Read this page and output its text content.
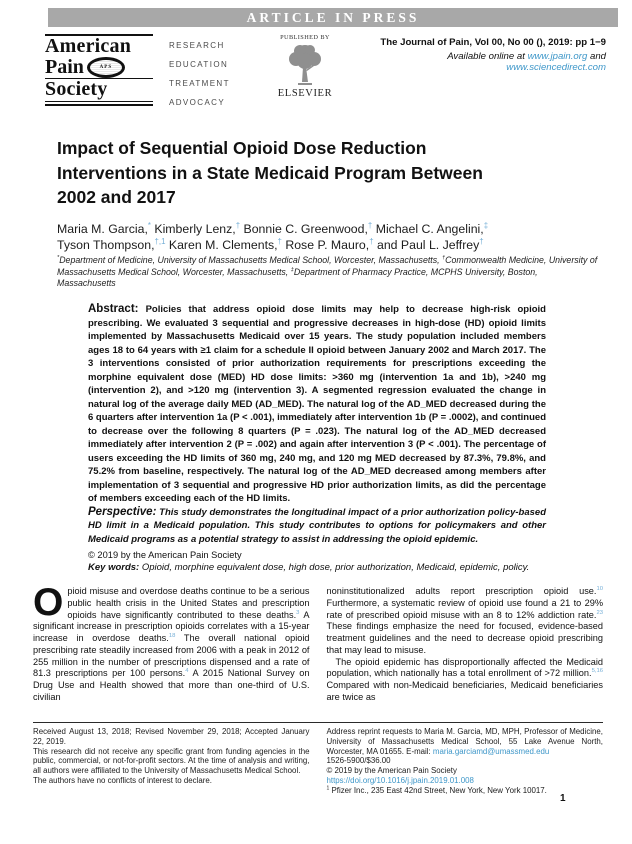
ARTICLE IN PRESS
American
Pain	APS
Society
RESEARCH
EDUCATION
TREATMENT
ADVOCACY
PUBLISHED BY
ELSEVIER
The Journal of Pain, Vol 00, No 00 (), 2019: pp 1−9
Available online at www.jpain.org and www.sciencedirect.com
Impact of Sequential Opioid Dose Reduction
Interventions in a State Medicaid Program Between
2002 and 2017
Maria M. Garcia,* Kimberly Lenz,† Bonnie C. Greenwood,† Michael C. Angelini,‡
Tyson Thompson,$^{\dagger,1}$ Karen M. Clements,† Rose P. Mauro,† and Paul L. Jeffrey†
*Department of Medicine, University of Massachusetts Medical School, Worcester, Massachusetts, †Commonwealth Medicine, University of Massachusetts Medical School, Worcester, Massachusetts, ‡Department of Pharmacy Practice, MCPHS University, Boston, Massachusetts

Abstract: Policies that address opioid dose limits may help to decrease high-risk opioid prescribing. We evaluated 3 sequential and progressive decreases in high-dose (HD) opioid limits implemented by Massachusetts Medicaid over 15 years. The study population included members ages 18 to 64 years with ≥1 claim for a schedule II opioid between January 2002 and March 2017. The 3 interventions consisted of prior authorization requirements for prescriptions exceeding the morphine equivalent dose (MED) HD dose limits: >360 mg (intervention 1a and 1b), >240 mg (intervention 2), and >120 mg (intervention 3). A segmented regression evaluated the change in natural log of the average daily MED (AD_MED). The natural log of the AD_MED decreased during the 6 quarters after intervention 1a (P < .001), immediately after intervention 1b (P = .0002), and continued to decrease over the following 8 quarters (P = .023). The natural log of the AD_MED decreased immediately after intervention 2 (P = .002) and again after intervention 3 (P < .001). The percentage of users exceeding the HD limits of 360 mg, 240 mg, and 120 mg MED decreased by 87.3%, 79.8%, and 75.2% from baseline, respectively. The natural log of the AD_MED decreased among members after implementation of 3 sequential and progressive HD prior authorization limits, as did the percentage of members exceeding each of the HD limits.

Perspective: This study demonstrates the longitudinal impact of a prior authorization policy-based HD limit in a Medicaid population. This study contributes to options for policymakers and other Medicaid programs as a potential strategy to assist in addressing the opioid epidemic.

© 2019 by the American Pain Society

Key words: Opioid, morphine equivalent dose, high dose, prior authorization, Medicaid, epidemic, policy.

Opioid misuse and overdose deaths continue to be a serious public health crisis in the United States and prescription opioids have significantly contributed to these deaths.$^3$ A significant increase in prescription opioids correlates with a 15-year increase in overdose deaths.$^{18}$ The overall national opioid prescribing rate steadily increased from 2006 with a peak in 2012 of 255 million in the number of prescriptions dispensed and a rate of 81.3 prescriptions per 100 persons.$^4$ A 2015 National Survey on Drug Use and Health showed that more than one-third of U.S. civilian

noninstitutionalized adults report prescription opioid use.$^{10}$ Furthermore, a systematic review of opioid use found a 21 to 29% rate of prescribed opioid misuse with an 8 to 12% addiction rate.$^{23}$ These findings emphasize the need for focused, evidence-based treatment guidelines and the need to decrease opioid prescribing that may lead to misuse.

The opioid epidemic has disproportionally affected the Medicaid population, which nationally has a total enrollment of >72 million.$^{5,16}$ Compared with non-Medicaid beneficiaries, Medicaid beneficiaries are twice as

Received August 13, 2018; Revised November 29, 2018; Accepted January 22, 2019.

This research did not receive any specific grant from funding agencies in the public, commercial, or not-for-profit sectors. At the time of analysis and writing, all authors were affiliated to the University of Massachusetts Medical School.

The authors have no conflicts of interest to declare.

Address reprint requests to Maria M. Garcia, MD, MPH, Professor of Medicine, University of Massachusetts Medical School, 55 Lake Avenue North, Worcester, MA 01655. E-mail: maria.garciamd@umassmed.edu

1526-5900/$36.00

© 2019 by the American Pain Society

https://doi.org/10.1016/j.jpain.2019.01.008

$^1$ Pfizer Inc., 235 East 42nd Street, New York, New York 10017.

1
